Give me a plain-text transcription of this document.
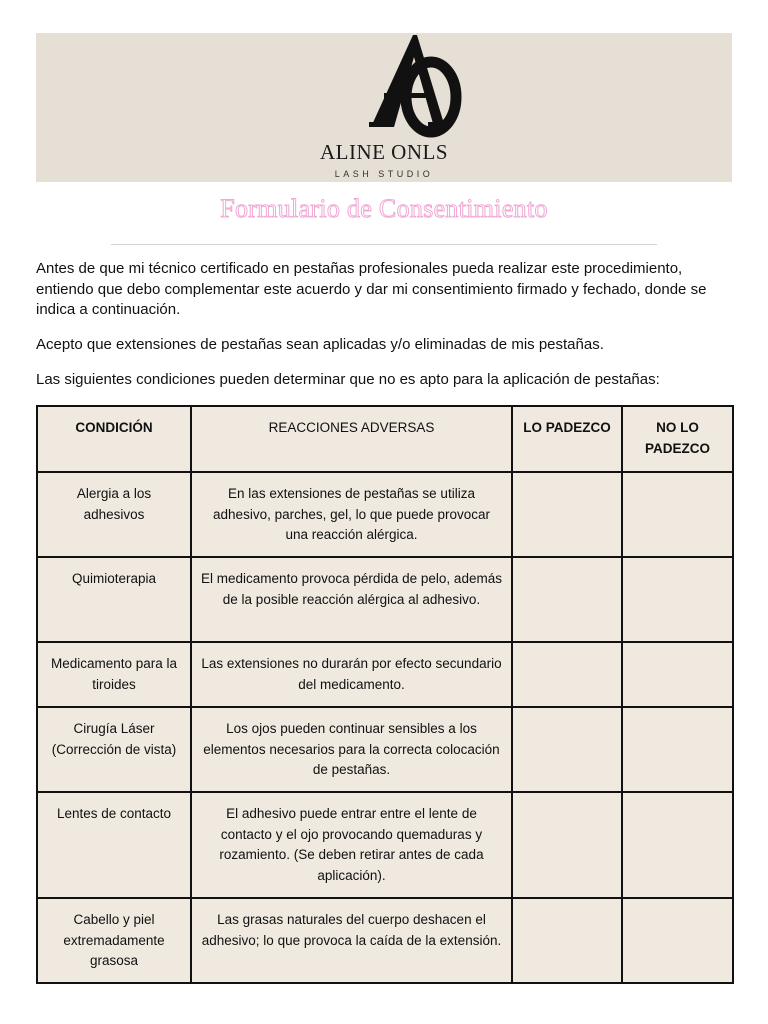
ALINE ONLS
LASH STUDIO
Formulario de Consentimiento

Antes de que mi técnico certificado en pestañas profesionales pueda realizar este procedimiento, entiendo que debo complementar este acuerdo y dar mi consentimiento firmado y fechado, donde se indica a continuación.

Acepto que extensiones de pestañas sean aplicadas y/o eliminadas de mis pestañas.

Las siguientes condiciones pueden determinar que no es apto para la aplicación de pestañas:

CONDICIÓN	REACCIONES ADVERSAS	LO PADEZCO	NO LO PADEZCO
Alergia a los adhesivos	En las extensiones de pestañas se utiliza adhesivo, parches, gel, lo que puede provocar una reacción alérgica.		
Quimioterapia	El medicamento provoca pérdida de pelo, además de la posible reacción alérgica al adhesivo.		
Medicamento para la tiroides	Las extensiones no durarán por efecto secundario del medicamento.		
Cirugía Láser (Corrección de vista)	Los ojos pueden continuar sensibles a los elementos necesarios para la correcta colocación de pestañas.		
Lentes de contacto	El adhesivo puede entrar entre el lente de contacto y el ojo provocando quemaduras y rozamiento. (Se deben retirar antes de cada aplicación).		
Cabello y piel extremadamente grasosa	Las grasas naturales del cuerpo deshacen el adhesivo; lo que provoca la caída de la extensión.		
